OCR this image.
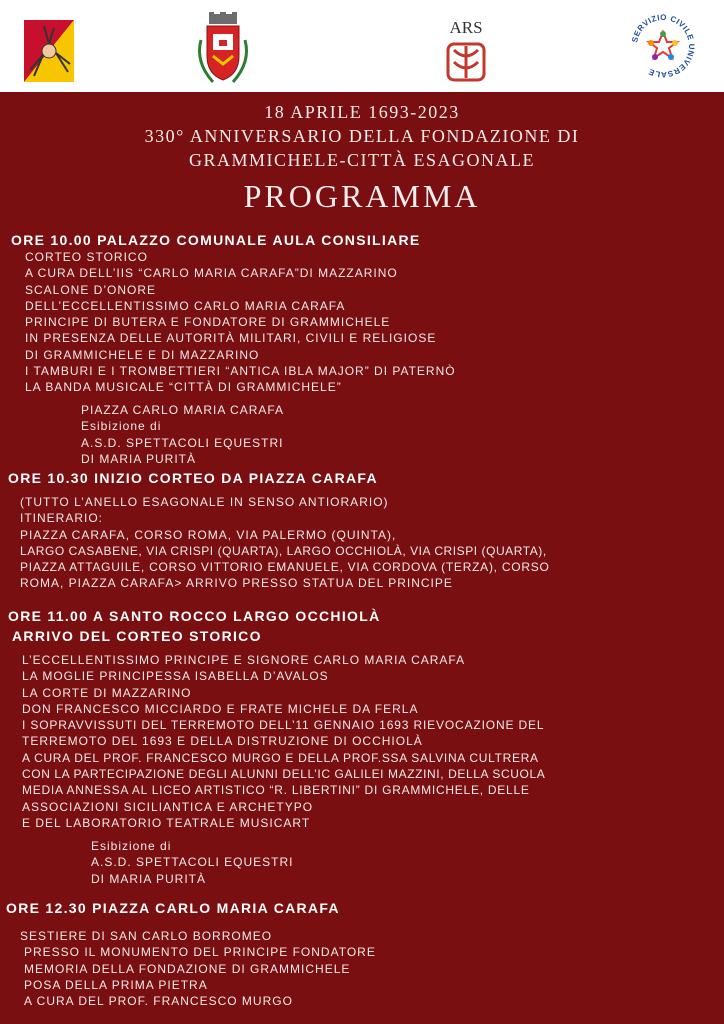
ARS
SERVIZIO CIVILE UNIVERSALE
18 APRILE 1693-2023
330° ANNIVERSARIO DELLA FONDAZIONE DI
GRAMMICHELE-CITTÀ ESAGONALE
PROGRAMMA
ORE 10.00 PALAZZO COMUNALE AULA CONSILIARE
CORTEO STORICO
A CURA DELL’IIS “CARLO MARIA CARAFA”DI MAZZARINO
SCALONE D’ONORE
DELL’ECCELLENTISSIMO CARLO MARIA CARAFA
PRINCIPE DI BUTERA E FONDATORE DI GRAMMICHELE
IN PRESENZA DELLE AUTORITÀ MILITARI, CIVILI E RELIGIOSE
DI GRAMMICHELE E DI MAZZARINO
I TAMBURI E I TROMBETTIERI “ANTICA IBLA MAJOR” DI PATERNÒ
LA BANDA MUSICALE “CITTÀ DI GRAMMICHELE”
PIAZZA CARLO MARIA CARAFA
Esibizione di
A.S.D. SPETTACOLI EQUESTRI
DI MARIA PURITÀ
ORE 10.30 INIZIO CORTEO DA PIAZZA CARAFA
(TUTTO L’ANELLO ESAGONALE IN SENSO ANTIORARIO)
ITINERARIO:
PIAZZA CARAFA, CORSO ROMA, VIA PALERMO (QUINTA),
LARGO CASABENE, VIA CRISPI (QUARTA), LARGO OCCHIOLÀ, VIA CRISPI (QUARTA),
PIAZZA ATTAGUILE, CORSO VITTORIO EMANUELE, VIA CORDOVA (TERZA), CORSO
ROMA, PIAZZA CARAFA> ARRIVO PRESSO STATUA DEL PRINCIPE
ORE 11.00 A SANTO ROCCO LARGO OCCHIOLÀ
ARRIVO DEL CORTEO STORICO
L’ECCELLENTISSIMO PRINCIPE E SIGNORE CARLO MARIA CARAFA
LA MOGLIE PRINCIPESSA ISABELLA D’AVALOS
LA CORTE DI MAZZARINO
DON FRANCESCO MICCIARDO E FRATE MICHELE DA FERLA
I SOPRAVVISSUTI DEL TERREMOTO DELL’11 GENNAIO 1693 RIEVOCAZIONE DEL
TERREMOTO DEL 1693 E DELLA DISTRUZIONE DI OCCHIOLÀ
A CURA DEL PROF. FRANCESCO MURGO E DELLA PROF.SSA SALVINA CULTRERA
CON LA PARTECIPAZIONE DEGLI ALUNNI DELL’IC GALILEI MAZZINI, DELLA SCUOLA
MEDIA ANNESSA AL LICEO ARTISTICO “R. LIBERTINI” DI GRAMMICHELE, DELLE
ASSOCIAZIONI SICILIANTICA E ARCHETYPO
E DEL LABORATORIO TEATRALE MUSICART
Esibizione di
A.S.D. SPETTACOLI EQUESTRI
DI MARIA PURITÀ
ORE 12.30 PIAZZA CARLO MARIA CARAFA
SESTIERE DI SAN CARLO BORROMEO
PRESSO IL MONUMENTO DEL PRINCIPE FONDATORE
MEMORIA DELLA FONDAZIONE DI GRAMMICHELE
POSA DELLA PRIMA PIETRA
A CURA DEL PROF. FRANCESCO MURGO
